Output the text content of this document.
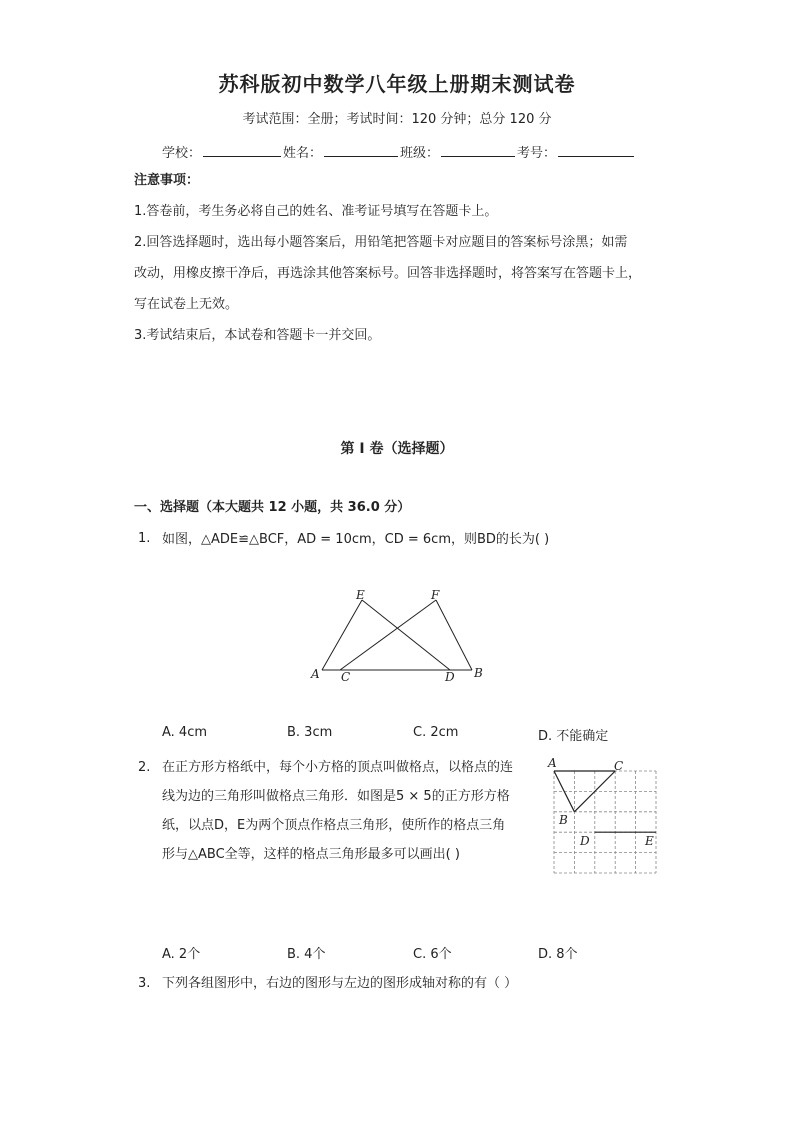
苏科版初中数学八年级上册期末测试卷
考试范围：全册；考试时间：120 分钟；总分 120 分
学校：	姓名：	班级：	考号：
注意事项：
1.答卷前，考生务必将自己的姓名、准考证号填写在答题卡上。
2.回答选择题时，选出每小题答案后，用铅笔把答题卡对应题目的答案标号涂黑；如需
改动，用橡皮擦干净后，再选涂其他答案标号。回答非选择题时，将答案写在答题卡上，
写在试卷上无效。
3.考试结束后，本试卷和答题卡一并交回。
第 I 卷（选择题）
一、选择题（本大题共 12 小题，共 36.0 分）
1. 如图，△ADE≌△BCF，AD = 10cm，CD = 6cm，则BD的长为( )
E	F
A C	D B
A. 4cm	B. 3cm	C. 2cm	D. 不能确定
2. 在正方形方格纸中，每个小方格的顶点叫做格点，以格点的连
线为边的三角形叫做格点三角形．如图是5 × 5的正方形方格
纸，以点D，E为两个顶点作格点三角形，使所作的格点三角
形与△ABC全等，这样的格点三角形最多可以画出( )
A	C
B
D	E
A. 2个	B. 4个	C. 6个	D. 8个
3. 下列各组图形中，右边的图形与左边的图形成轴对称的有（ ）
